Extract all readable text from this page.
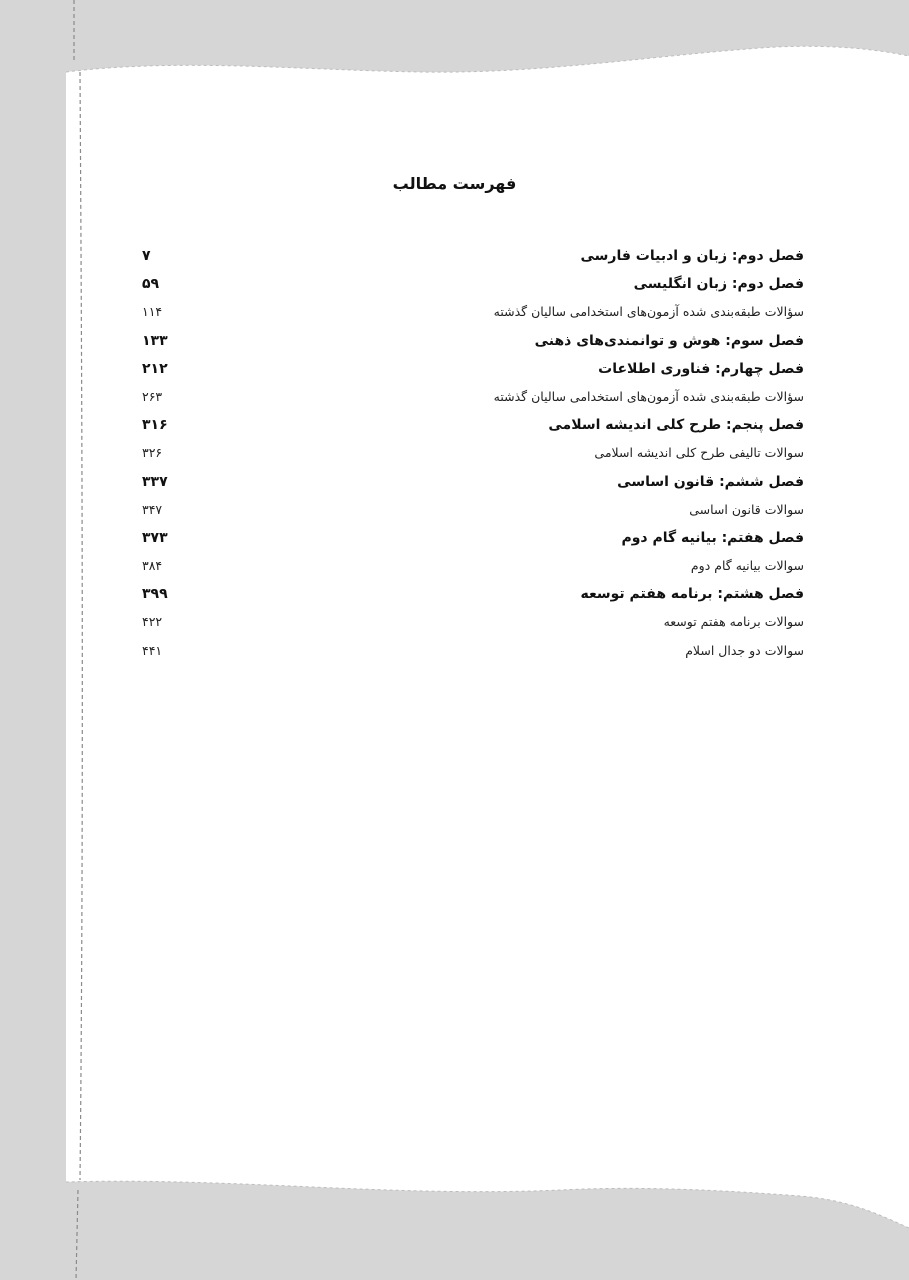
فهرست مطالب
فصل دوم: زبان و ادبیات فارسی
۷
فصل دوم: زبان انگلیسی
۵۹
سؤالات طبقه‌بندی شده آزمون‌های استخدامی سالیان گذشته
۱۱۴
فصل سوم: هوش و توانمندی‌های ذهنی
۱۳۳
فصل چهارم: فناوری اطلاعات
۲۱۲
سؤالات طبقه‌بندی شده آزمون‌های استخدامی سالیان گذشته
۲۶۳
فصل پنجم: طرح کلی اندیشه اسلامی
۳۱۶
سوالات تالیفی طرح کلی اندیشه اسلامی
۳۲۶
فصل ششم: قانون اساسی
۳۳۷
سوالات قانون اساسی
۳۴۷
فصل هفتم: بیانیه گام دوم
۳۷۳
سوالات بیانیه گام دوم
۳۸۴
فصل هشتم: برنامه هفتم توسعه
۳۹۹
سوالات برنامه هفتم توسعه
۴۲۲
سوالات دو جدال اسلام
۴۴۱
